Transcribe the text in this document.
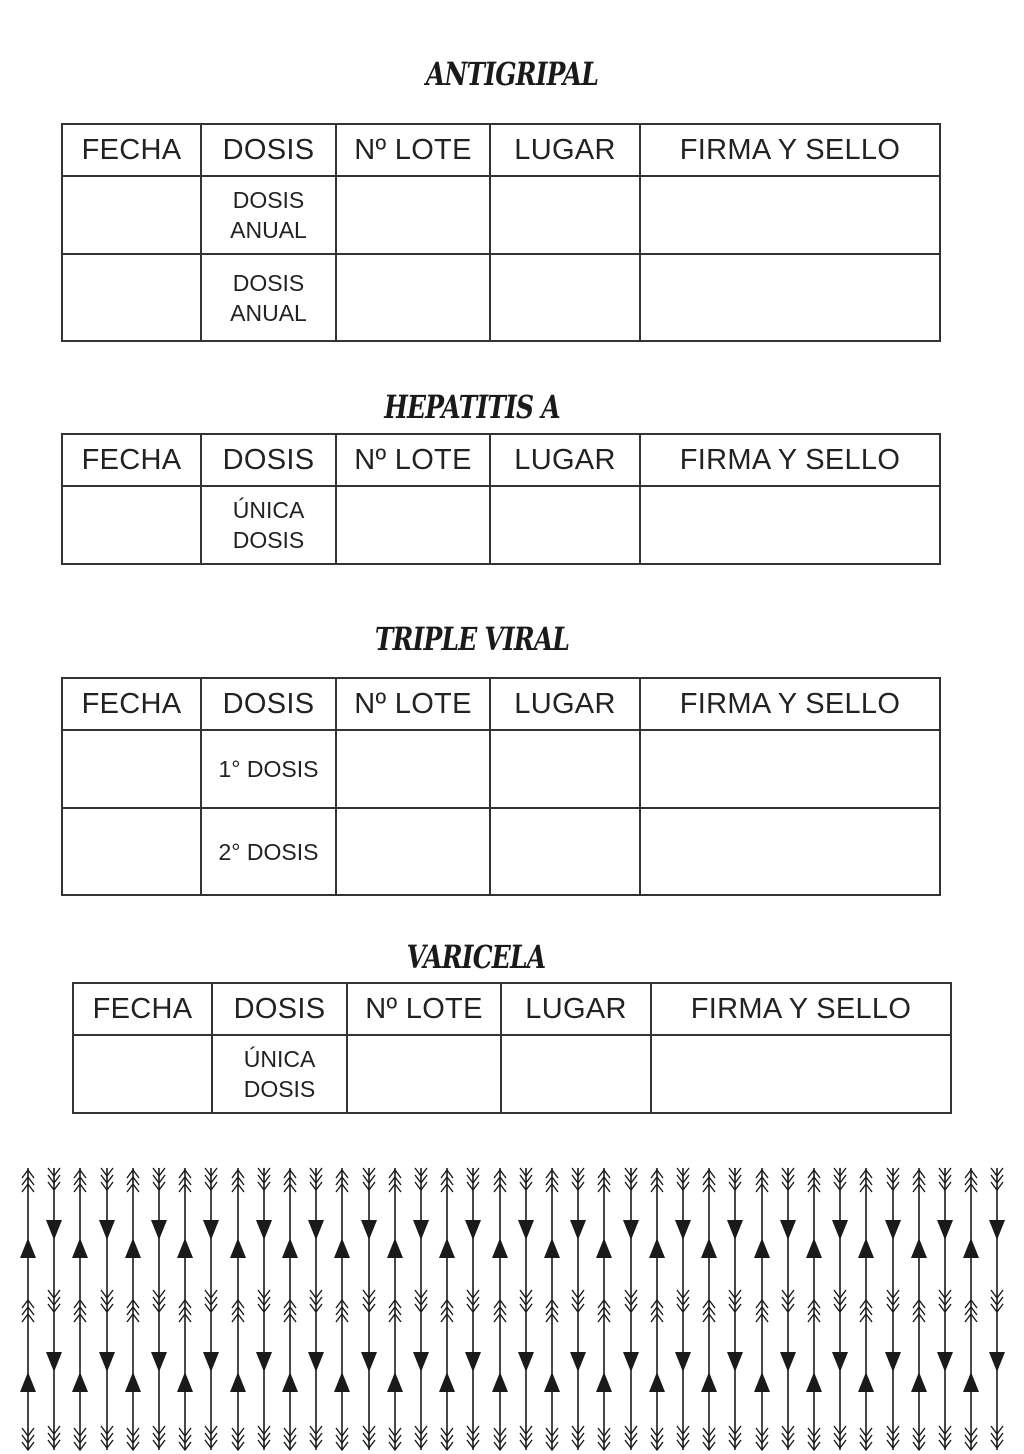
ANTIGRIPAL
FECHA	DOSIS	Nº LOTE	LUGAR	FIRMA Y SELLO
	DOSIS ANUAL			
	DOSIS ANUAL			
HEPATITIS A
FECHA	DOSIS	Nº LOTE	LUGAR	FIRMA Y SELLO
	ÚNICA DOSIS			
TRIPLE VIRAL
FECHA	DOSIS	Nº LOTE	LUGAR	FIRMA Y SELLO
	1° DOSIS			
	2° DOSIS			
VARICELA
FECHA	DOSIS	Nº LOTE	LUGAR	FIRMA Y SELLO
	ÚNICA DOSIS			
